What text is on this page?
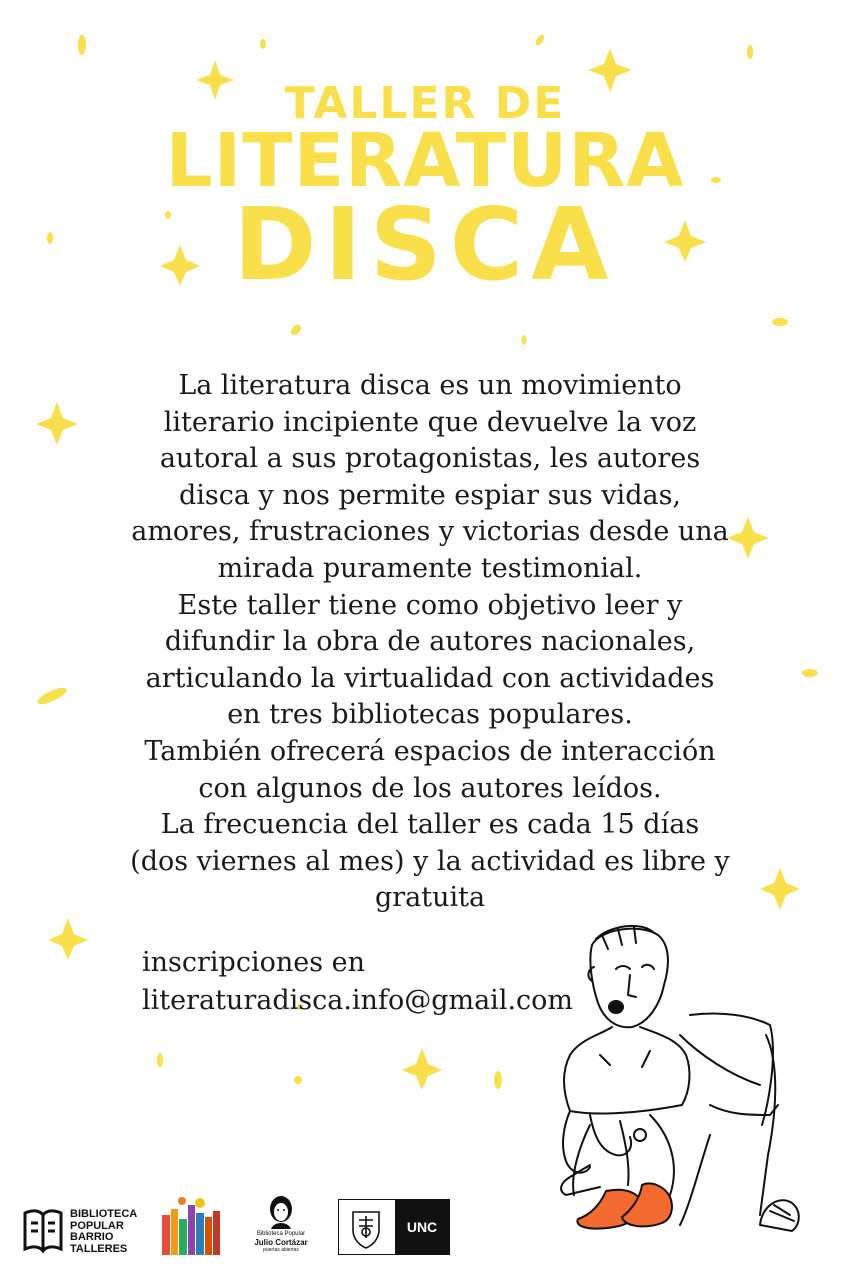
TALLER DE
LITERATURA
DISCA

La literatura disca es un movimiento literario incipiente que devuelve la voz autoral a sus protagonistas, les autores disca y nos permite espiar sus vidas, amores, frustraciones y victorias desde una mirada puramente testimonial.

Este taller tiene como objetivo leer y difundir la obra de autores nacionales, articulando la virtualidad con actividades en tres bibliotecas populares.

También ofrecerá espacios de interacción con algunos de los autores leídos.

La frecuencia del taller es cada 15 días (dos viernes al mes) y la actividad es libre y gratuita

inscripciones en
literaturadisca.info@gmail.com
BIBLIOTECA
POPULAR
BARRIO
TALLERES
Biblioteca Popular
Julio Cortázar
puertas abiertas
UNC
